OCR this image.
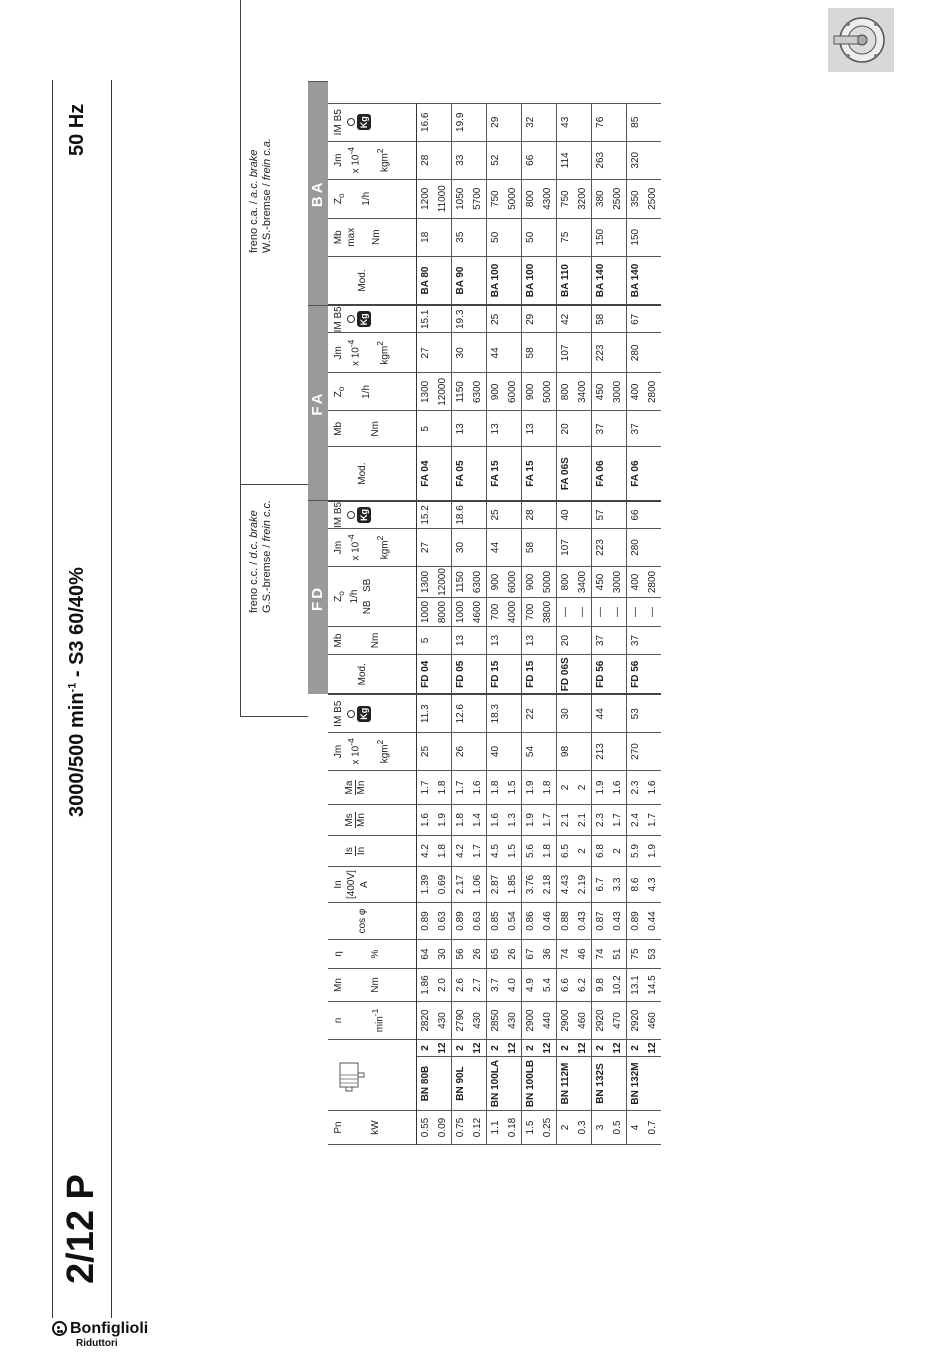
2/12 P
3000/500 $\min^{-1} - S3$ 60/40%
50 Hz
Bonfiglioli
Riduttori
freno c.c. / d.c. brake
G.S.-bremse / frein c.c.
freno c.a. / a.c. brake
W.S.-bremse / frein c.a.
													FD						FA					BA				

Pn kW			n $\min^{-1}$	Mn Nm	η %	cos φ	In [400V] A	Is In	Ms Mn	Ma Mn	Jm x $10^{-4}$

kgm$^2$	IM B5 Kg	Mod.	Mb Nm	$Z_o$ 1/h
NB   SB		Jm x $10^{-4}$

kgm$^2$	IM B5 Kg	Mod.	Mb Nm	$Z_o$ 1/h	Jm x $10^{-4}$

kgm$^2$	IM B5 Kg	Mod.	Mb max Nm	$Z_o$ 1/h	Jm x $10^{-4}$

kgm$^2$	IM B5 Kg
0.55	BN 80B	2	2820	1.86	64	0.89	1.39	4.2	1.6	1.7	25	11.3	FD 04	5	1000	1300	27	15.2	FA 04	5	1300	27	15.1	BA 80	18	1200	28	16.6
0.09		12	430	2.0	30	0.63	0.69	1.8	1.9	1.8					8000	12000					12000					11000		
0.75	BN 90L	2	2790	2.6	56	0.89	2.17	4.2	1.8	1.7	26	12.6	FD 05	13	1000	1150	30	18.6	FA 05	13	1150	30	19.3	BA 90	35	1050	33	19.9
0.12		12	430	2.7	26	0.63	1.06	1.7	1.4	1.6					4600	6300					6300					5700		
1.1	BN 100LA	2	2850	3.7	65	0.85	2.87	4.5	1.6	1.8	40	18.3	FD 15	13	700	900	44	25	FA 15	13	900	44	25	BA 100	50	750	52	29
0.18		12	430	4.0	26	0.54	1.85	1.5	1.3	1.5					4000	6000					6000					5000		
1.5	BN 100LB	2	2900	4.9	67	0.86	3.76	5.6	1.9	1.9	54	22	FD 15	13	700	900	58	28	FA 15	13	900	58	29	BA 100	50	800	66	32
0.25		12	440	5.4	36	0.46	2.18	1.8	1.7	1.8					3800	5000					5000					4300		
2	BN 112M	2	2900	6.6	74	0.88	4.43	6.5	2.1	2	98	30	FD 06S	20	—	800	107	40	FA 06S	20	800	107	42	BA 110	75	750	114	43
0.3		12	460	6.2	46	0.43	2.19	2	2.1	2					—	3400					3400					3200		
3	BN 132S	2	2920	9.8	74	0.87	6.7	6.8	2.3	1.9	213	44	FD 56	37	—	450	223	57	FA 06	37	450	223	58	BA 140	150	380	263	76
0.5		12	470	10.2	51	0.43	3.3	2	1.7	1.6					—	3000					3000					2500		
4	BN 132M	2	2920	13.1	75	0.89	8.6	5.9	2.4	2.3	270	53	FD 56	37	—	400	280	66	FA 06	37	400	280	67	BA 140	150	350	320	85
0.7		12	460	14.5	53	0.44	4.3	1.9	1.7	1.6					—	2800					2800					2500		
